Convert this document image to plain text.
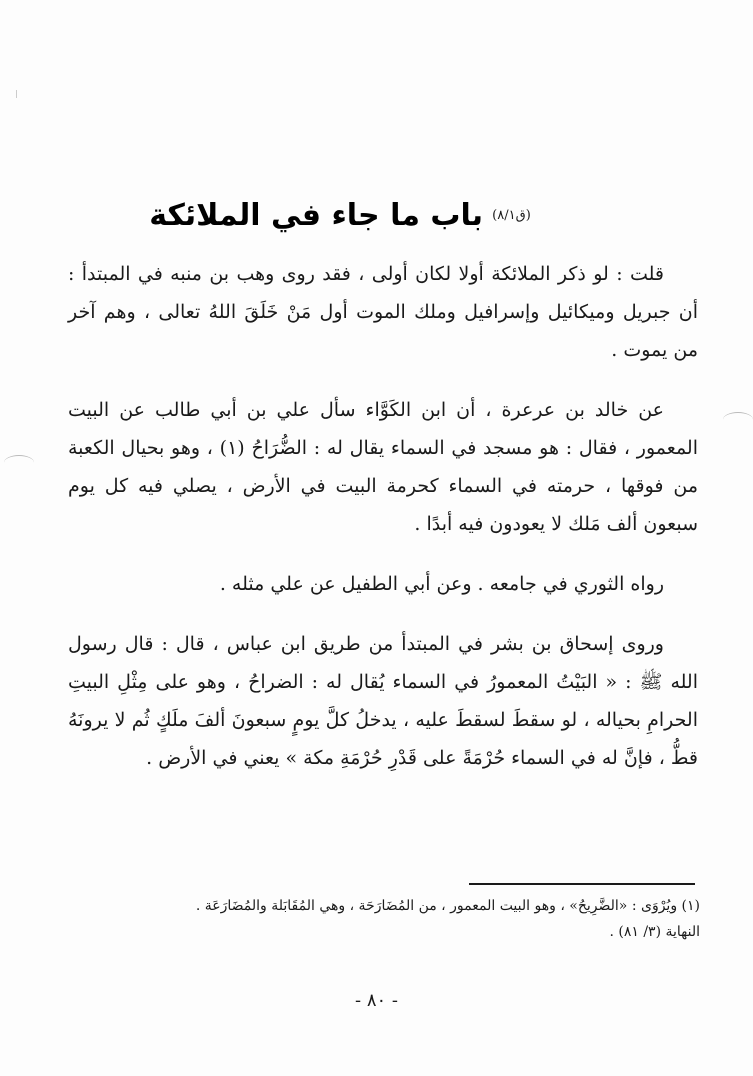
$^{(ق٨/١)}$ باب ما جاء في الملائكة

قلت : لو ذكر الملائكة أولا لكان أولى ، فقد روى وهب بن منبه في المبتدأ : أن جبريل وميكائيل وإسرافيل وملك الموت أول مَنْ خَلَقَ اللهُ تعالى ، وهم آخر من يموت .

عن خالد بن عرعرة ، أن ابن الكَوَّاء سأل علي بن أبي طالب عن البيت المعمور ، فقال : هو مسجد في السماء يقال له : الضُّرَاحُ (١) ، وهو بحيال الكعبة من فوقها ، حرمته في السماء كحرمة البيت في الأرض ، يصلي فيه كل يوم سبعون ألف مَلك لا يعودون فيه أبدًا .

رواه الثوري في جامعه . وعن أبي الطفيل عن علي مثله .

وروى إسحاق بن بشر في المبتدأ من طريق ابن عباس ، قال : قال رسول الله ﷺ : « البَيْتُ المعمورُ في السماء يُقال له : الضراحُ ، وهو على مِثْلِ البيتِ الحرامِ بحياله ، لو سقطَ لسقطَ عليه ، يدخلُ كلَّ يومٍ سبعونَ ألفَ ملَكٍ ثُم لا يرونَهُ قطُّ ، فإنَّ له في السماء حُرْمَةً على قَدْرِ حُرْمَةِ مكة » يعني في الأرض .

(١) ويُرْوَى : «الضَّرِيحُ» ، وهو البيت المعمور ، من المُضَارَحَة ، وهي المُقَابَلة والمُضَارَعَة .
النهاية (٣/ ٨١) .
- ٨٠ -
